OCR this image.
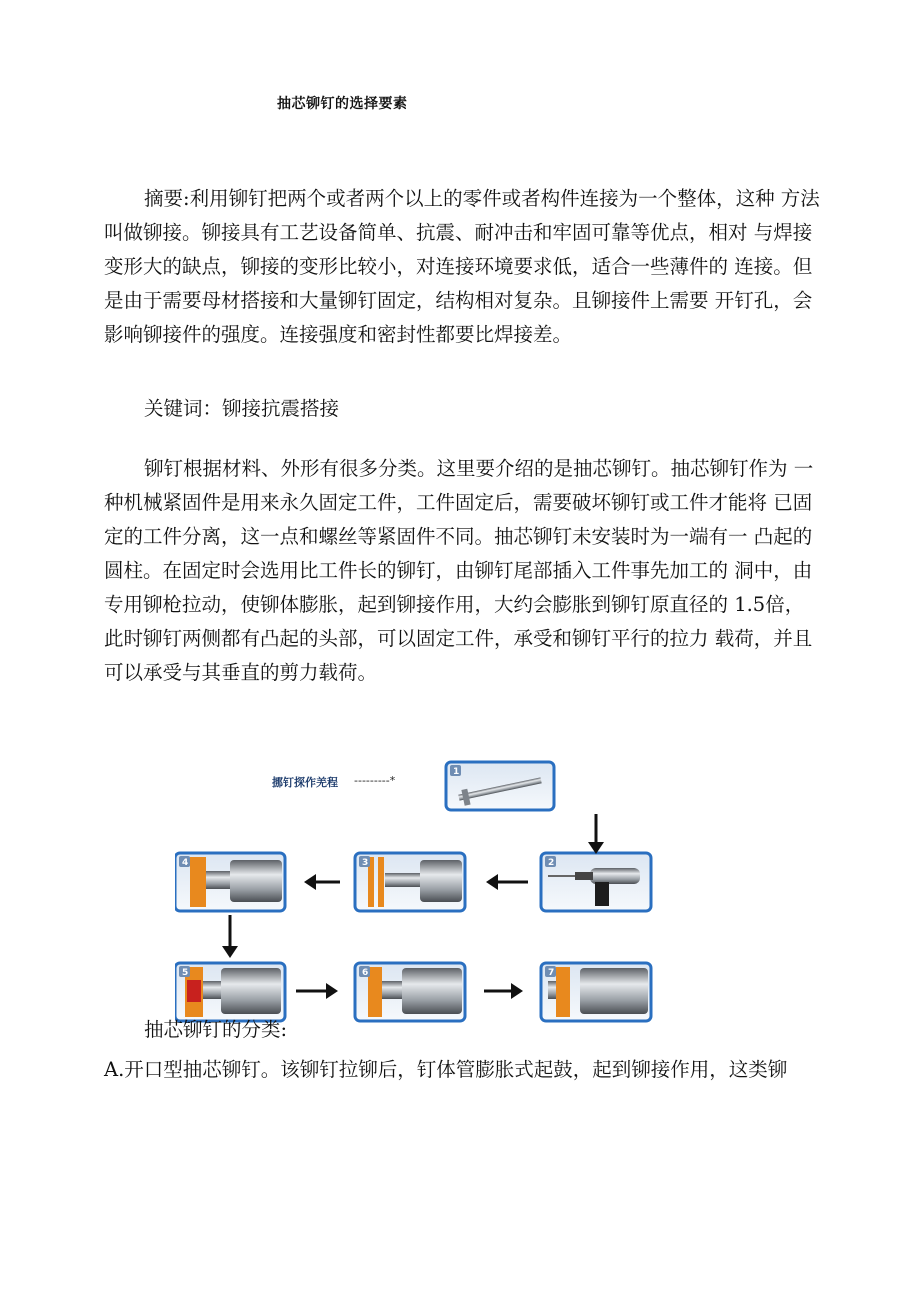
抽芯铆钉的选择要素

摘要:利用铆钉把两个或者两个以上的零件或者构件连接为一个整体，这种 方法叫做铆接。铆接具有工艺设备简单、抗震、耐冲击和牢固可靠等优点，相对 与焊接变形大的缺点，铆接的变形比较小，对连接环境要求低，适合一些薄件的 连接。但是由于需要母材搭接和大量铆钉固定，结构相对复杂。且铆接件上需要 开钉孔，会影响铆接件的强度。连接强度和密封性都要比焊接差。

关键词：铆接抗震搭接

铆钉根据材料、外形有很多分类。这里要介绍的是抽芯铆钉。抽芯铆钉作为 一种机械紧固件是用来永久固定工件，工件固定后，需要破坏铆钉或工件才能将 已固定的工件分离，这一点和螺丝等紧固件不同。抽芯铆钉未安装时为一端有一 凸起的圆柱。在固定时会选用比工件长的铆钉，由铆钉尾部插入工件事先加工的 洞中，由专用铆枪拉动，使铆体膨胀，起到铆接作用，大约会膨胀到铆钉原直径的 1.5倍，此时铆钉两侧都有凸起的头部，可以固定工件，承受和铆钉平行的拉力 载荷，并且可以承受与其垂直的剪力载荷。

挪钉探作羌程 ---------*
1
2
3
4
5	6	7
抽芯铆钉的分类:
A.开口型抽芯铆钉。该铆钉拉铆后，钉体管膨胀式起鼓，起到铆接作用，这类铆
